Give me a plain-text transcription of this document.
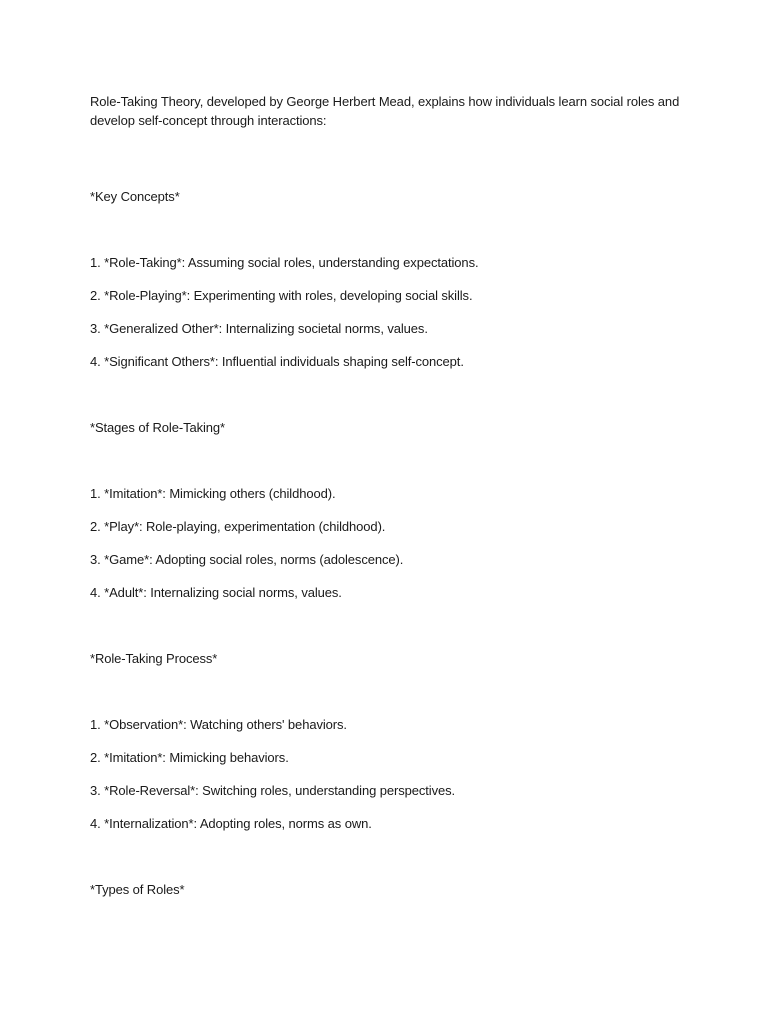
Role-Taking Theory, developed by George Herbert Mead, explains how individuals learn social roles and develop self-concept through interactions:

*Key Concepts*

1. *Role-Taking*: Assuming social roles, understanding expectations.
2. *Role-Playing*: Experimenting with roles, developing social skills.
3. *Generalized Other*: Internalizing societal norms, values.
4. *Significant Others*: Influential individuals shaping self-concept.

*Stages of Role-Taking*

1. *Imitation*: Mimicking others (childhood).
2. *Play*: Role-playing, experimentation (childhood).
3. *Game*: Adopting social roles, norms (adolescence).
4. *Adult*: Internalizing social norms, values.

*Role-Taking Process*

1. *Observation*: Watching others' behaviors.
2. *Imitation*: Mimicking behaviors.
3. *Role-Reversal*: Switching roles, understanding perspectives.
4. *Internalization*: Adopting roles, norms as own.

*Types of Roles*
